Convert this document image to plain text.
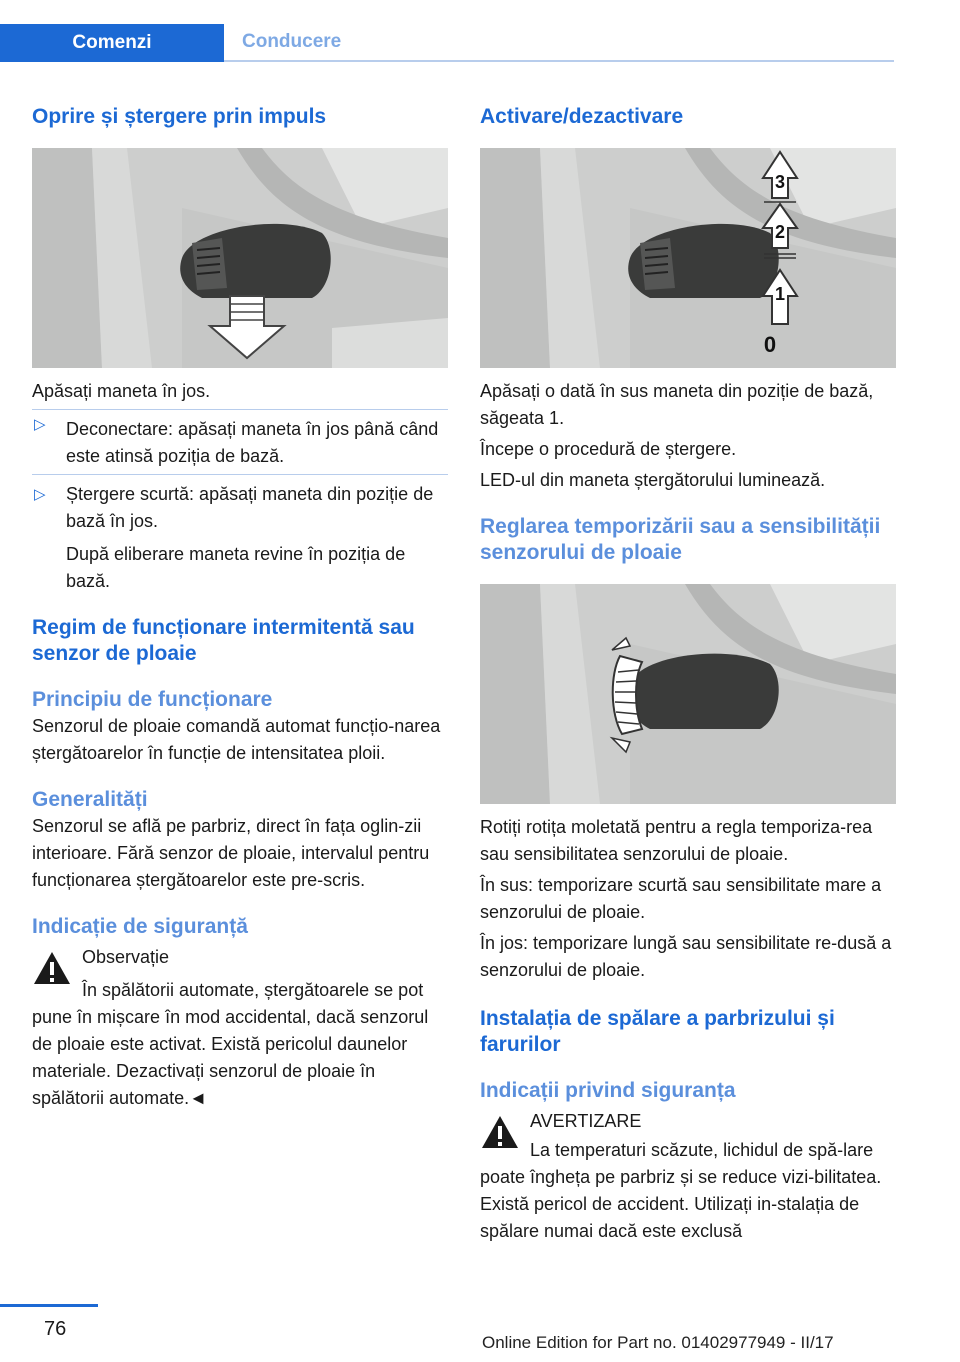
Comenzi	Conducere
Oprire și ștergere prin impuls
Apăsați maneta în jos.
▷ Deconectare: apăsați maneta în jos până când este atinsă poziția de bază.
▷ Ștergere scurtă: apăsați maneta din poziție de bază în jos.
După eliberare maneta revine în poziția de bază.
Regim de funcționare intermitentă sau senzor de ploaie
Principiu de funcționare
Senzorul de ploaie comandă automat funcțio-narea ștergătoarelor în funcție de intensitatea ploii.
Generalități
Senzorul se află pe parbriz, direct în fața oglin-zii interioare. Fără senzor de ploaie, intervalul pentru funcționarea ștergătoarelor este pre-scris.
Indicație de siguranță
Observație
În spălătorii automate, ștergătoarele se pot pune în mișcare în mod accidental, dacă senzorul de ploaie este activat. Există pericolul daunelor materiale. Dezactivați senzorul de ploaie în spălătorii automate.◄
Activare/dezactivare
3
2
1
0
Apăsați o dată în sus maneta din poziție de bază, săgeata 1.
Începe o procedură de ștergere.
LED-ul din maneta ștergătorului luminează.
Reglarea temporizării sau a sensibilității senzorului de ploaie
Rotiți rotița moletată pentru a regla temporiza-rea sau sensibilitatea senzorului de ploaie.
În sus: temporizare scurtă sau sensibilitate mare a senzorului de ploaie.
În jos: temporizare lungă sau sensibilitate re-dusă a senzorului de ploaie.
Instalația de spălare a parbrizului și farurilor
Indicații privind siguranța
AVERTIZARE
La temperaturi scăzute, lichidul de spă-lare poate îngheța pe parbriz și se reduce vizi-bilitatea. Există pericol de accident. Utilizați in-stalația de spălare numai dacă este exclusă
76
Online Edition for Part no. 01402977949 - II/17
